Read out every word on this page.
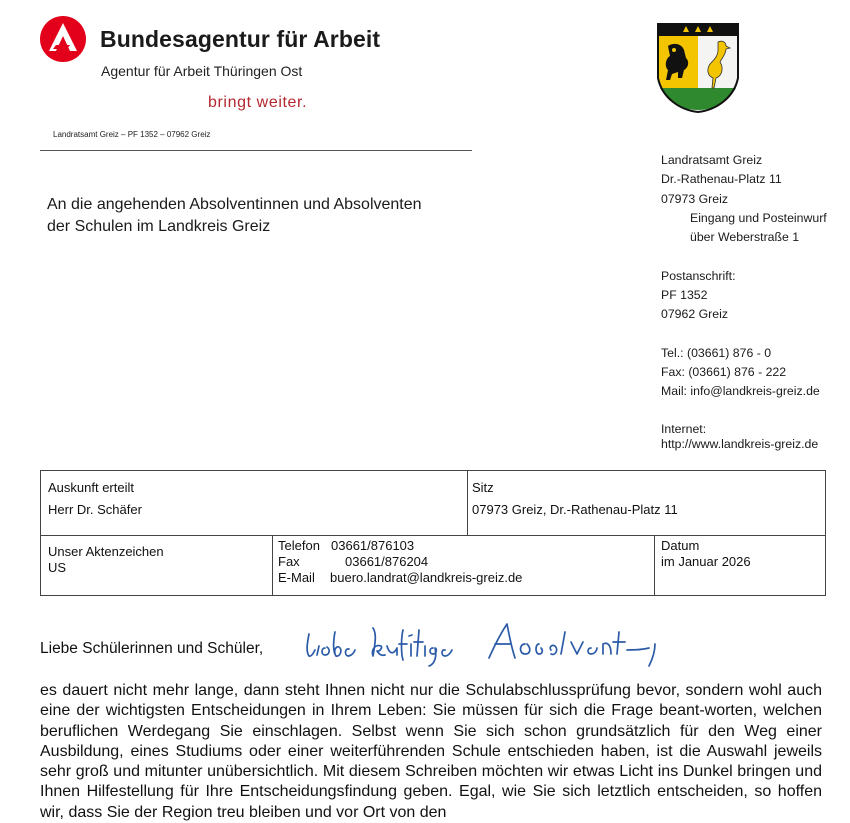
Bundesagentur für Arbeit
Agentur für Arbeit Thüringen Ost
bringt weiter.
Landratsamt Greiz – PF 1352 – 07962 Greiz
An die angehenden Absolventinnen und Absolventen
der Schulen im Landkreis Greiz
Landratsamt Greiz
Dr.-Rathenau-Platz 11
07973 Greiz
Eingang und Posteinwurf
über Weberstraße 1
Postanschrift:
PF 1352
07962 Greiz
Tel.: (03661) 876 - 0
Fax: (03661) 876 - 222
Mail: info@landkreis-greiz.de
Internet:
http://www.landkreis-greiz.de
Auskunft erteilt
Herr Dr. Schäfer
Sitz
07973 Greiz, Dr.-Rathenau-Platz 11
Unser Aktenzeichen
US
Telefon 03661/876103
Fax	03661/876204
E-Mail buero.landrat@landkreis-greiz.de
Datum
im Januar 2026
Liebe Schülerinnen und Schüler,
es dauert nicht mehr lange, dann steht Ihnen nicht nur die Schulabschlussprüfung bevor, sondern wohl auch eine der wichtigsten Entscheidungen in Ihrem Leben: Sie müssen für sich die Frage beant-worten, welchen beruflichen Werdegang Sie einschlagen. Selbst wenn Sie sich schon grundsätzlich für den Weg einer Ausbildung, eines Studiums oder einer weiterführenden Schule entschieden haben, ist die Auswahl jeweils sehr groß und mitunter unübersichtlich. Mit diesem Schreiben möchten wir etwas Licht ins Dunkel bringen und Ihnen Hilfestellung für Ihre Entscheidungsfindung geben. Egal, wie Sie sich letztlich entscheiden, so hoffen wir, dass Sie der Region treu bleiben und vor Ort von den
